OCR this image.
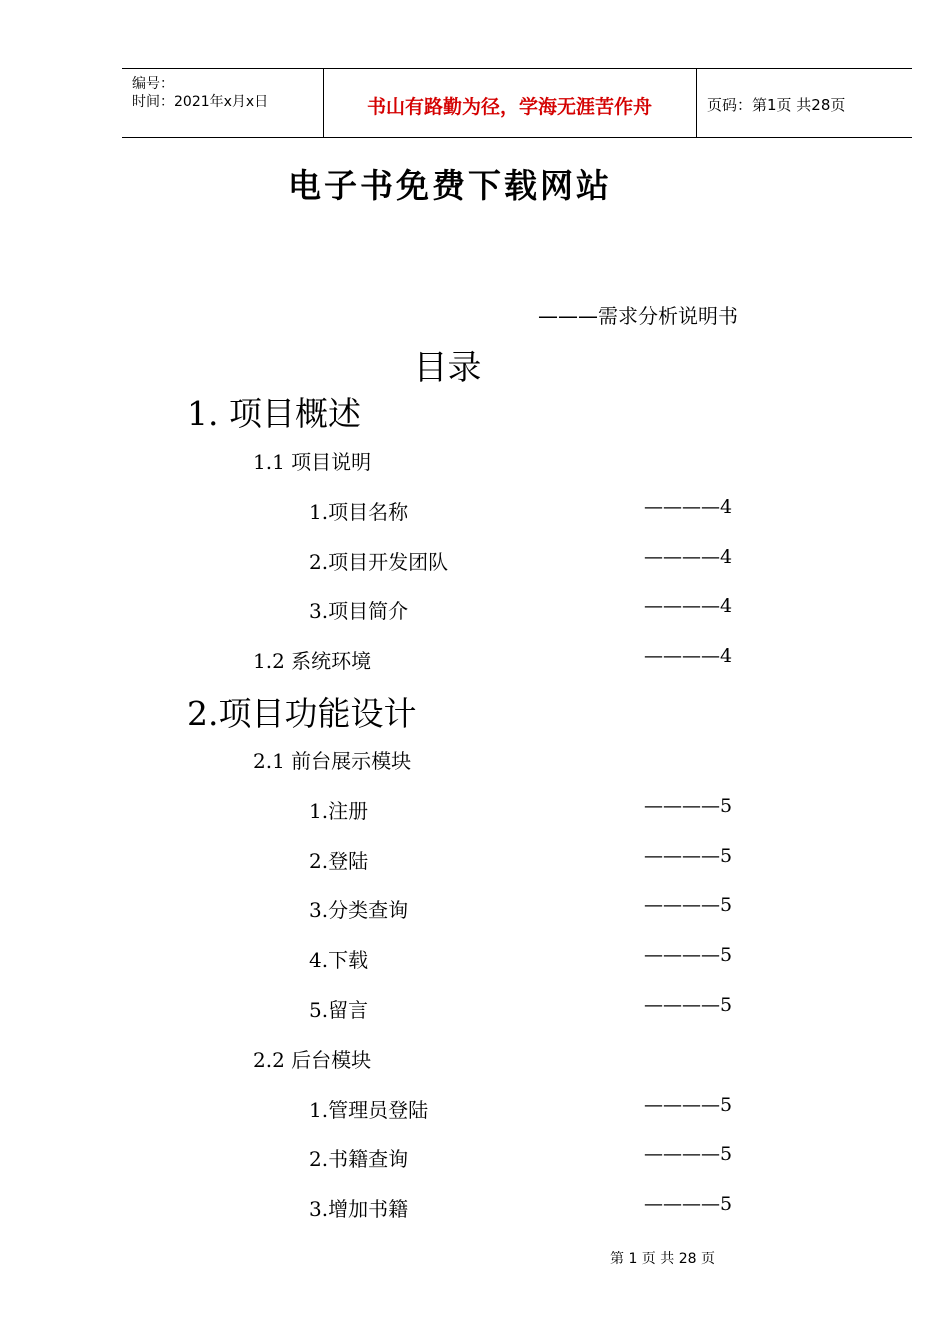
编号：
时间：2021年x月x日	书山有路勤为径，学海无涯苦作舟	页码：第1页 共28页
电子书免费下载网站
———需求分析说明书
目录
1. 项目概述
1.1 项目说明
1.项目名称	————4
2.项目开发团队	————4
3.项目简介	————4
1.2 系统环境	————4
2.项目功能设计
2.1 前台展示模块
1.注册	————5
2.登陆	————5
3.分类查询	————5
4.下载	————5
5.留言	————5
2.2 后台模块
1.管理员登陆	————5
2.书籍查询	————5
3.增加书籍	————5
第 1 页 共 28 页
